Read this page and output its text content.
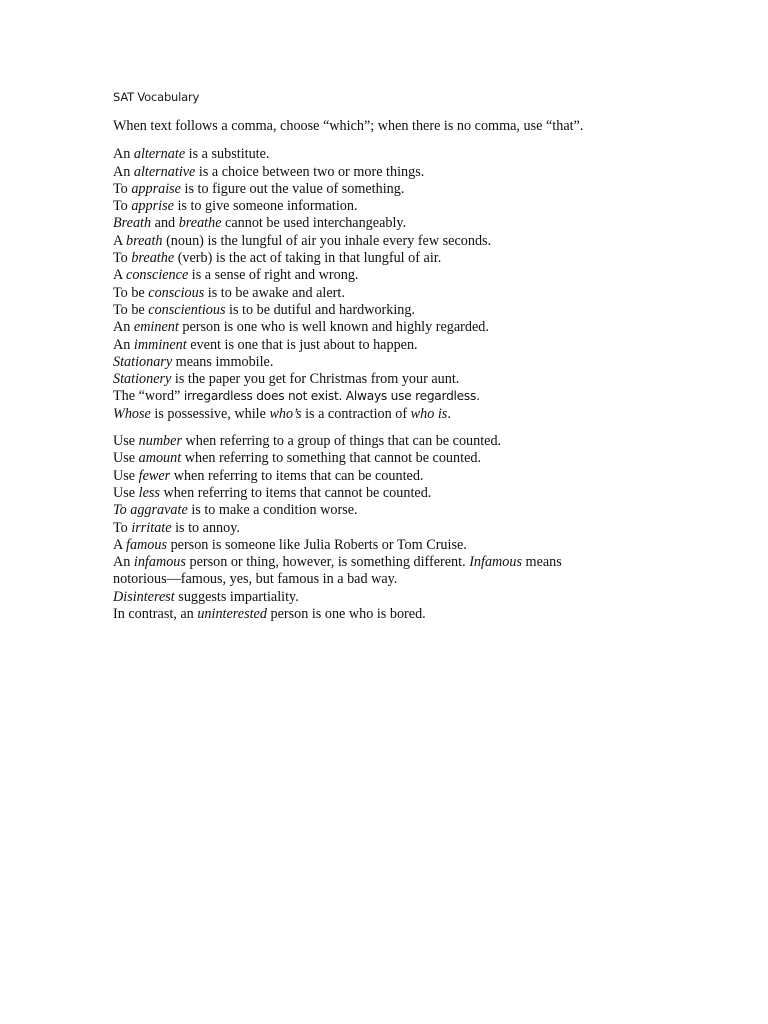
SAT Vocabulary
When text follows a comma, choose “which”; when there is no comma, use “that”.
An alternate is a substitute.
An alternative is a choice between two or more things.
To appraise is to figure out the value of something.
To apprise is to give someone information.
Breath and breathe cannot be used interchangeably.
A breath (noun) is the lungful of air you inhale every few seconds.
To breathe (verb) is the act of taking in that lungful of air.
A conscience is a sense of right and wrong.
To be conscious is to be awake and alert.
To be conscientious is to be dutiful and hardworking.
An eminent person is one who is well known and highly regarded.
An imminent event is one that is just about to happen.
Stationary means immobile.
Stationery is the paper you get for Christmas from your aunt.
The “word” irregardless does not exist. Always use regardless.
Whose is possessive, while who’s is a contraction of who is.
Use number when referring to a group of things that can be counted.
Use amount when referring to something that cannot be counted.
Use fewer when referring to items that can be counted.
Use less when referring to items that cannot be counted.
To aggravate is to make a condition worse.
To irritate is to annoy.
A famous person is someone like Julia Roberts or Tom Cruise.
An infamous person or thing, however, is something different. Infamous means
notorious—famous, yes, but famous in a bad way.
Disinterest suggests impartiality.
In contrast, an uninterested person is one who is bored.
